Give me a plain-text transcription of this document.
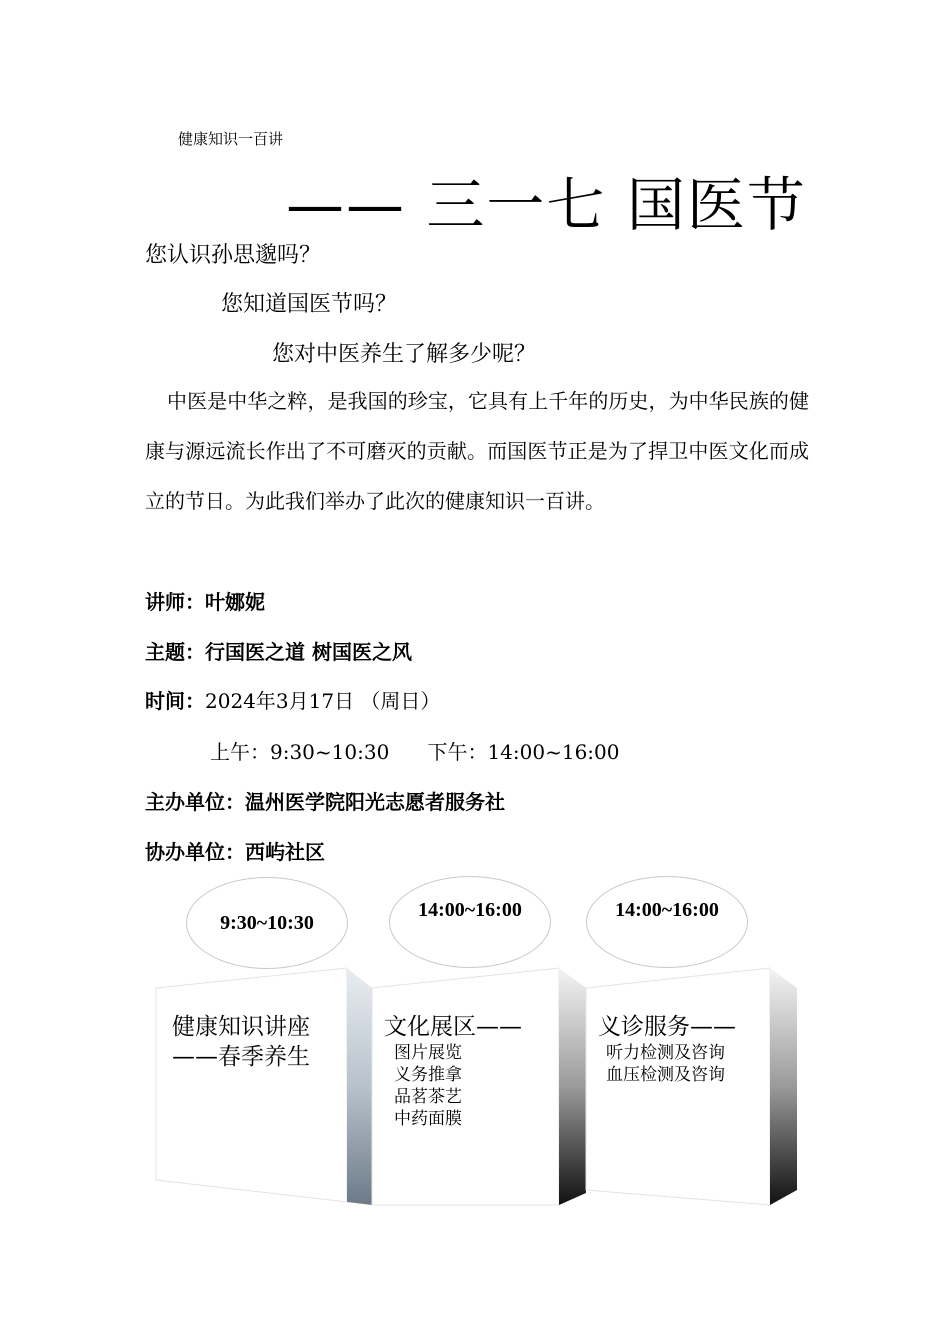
健康知识一百讲
—— 三一七 国医节
您认识孙思邈吗？
您知道国医节吗？
您对中医养生了解多少呢？
中医是中华之粹，是我国的珍宝，它具有上千年的历史，为中华民族的健康与源远流长作出了不可磨灭的贡献。而国医节正是为了捍卫中医文化而成立的节日。为此我们举办了此次的健康知识一百讲。
讲师：叶娜妮
主题：行国医之道 树国医之风
时间：2024年3月17日 （周日）
上午：9:30~10:30      下午：14:00~16:00
主办单位：温州医学院阳光志愿者服务社
协办单位：西屿社区
9:30~10:30
14:00~16:00	14:00~16:00
健康知识讲座
——春季养生
文化展区——
图片展览
义务推拿
品茗茶艺
中药面膜
义诊服务——
听力检测及咨询
血压检测及咨询
